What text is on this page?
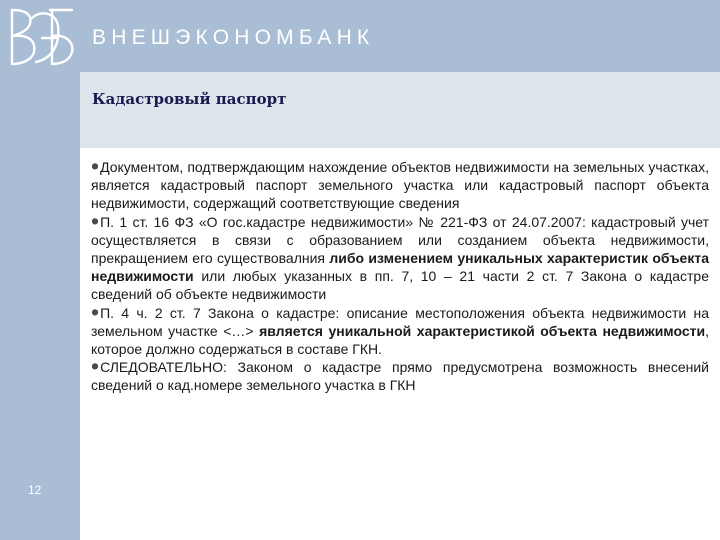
ВНЕШЭКОНОМБАНК
Кадастровый паспорт
12

•Документом, подтверждающим нахождение объектов недвижимости на земельных участках, является кадастровый паспорт земельного участка или кадастровый паспорт объекта недвижимости, содержащий соответствующие сведения

•П. 1 ст. 16 ФЗ «О гос.кадастре недвижимости» № 221-ФЗ от 24.07.2007: кадастровый учет осуществляется в связи с образованием или созданием объекта недвижимости, прекращением его существовалния либо изменением уникальных характеристик объекта недвижимости или любых указанных в пп. 7, 10 – 21 части 2 ст. 7 Закона о кадастре сведений об объекте недвижимости

•П. 4 ч. 2 ст. 7 Закона о кадастре: описание местоположения объекта недвижимости на земельном участке <…> является уникальной характеристикой объекта недвижимости, которое должно содержаться в составе ГКН.

•СЛЕДОВАТЕЛЬНО: Законом о кадастре прямо предусмотрена возможность внесений сведений о кад.номере земельного участка в ГКН
